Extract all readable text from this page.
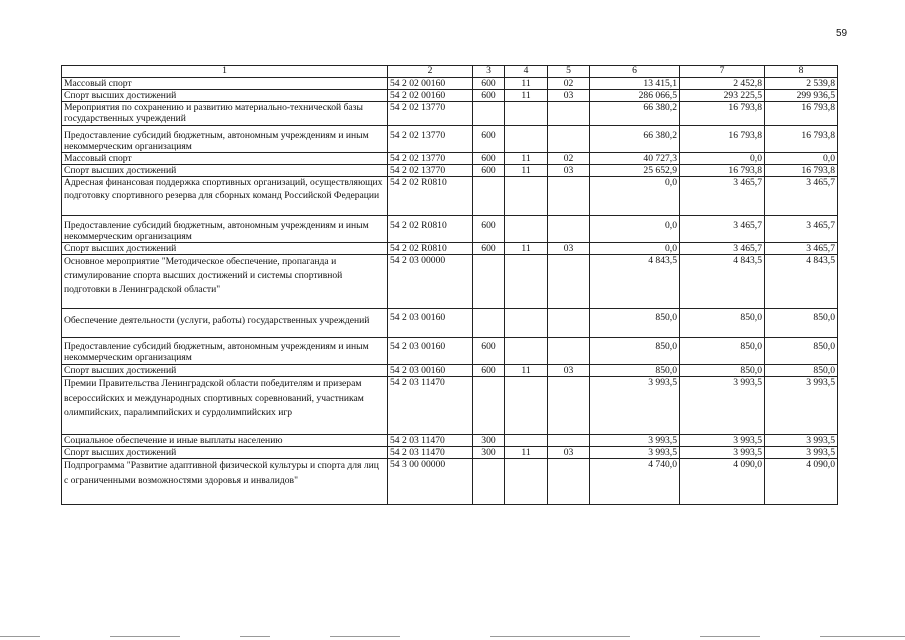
59
1	2	3	4	5	6	7	8
Массовый спорт	54 2 02 00160	600	11	02	13 415,1	2 452,8	2 539,8
Спорт высших достижений	54 2 02 00160	600	11	03	286 066,5	293 225,5	299 936,5
Мероприятия по сохранению и развитию материально-технической базы государственных учреждений	54 2 02 13770				66 380,2	16 793,8	16 793,8
Предоставление субсидий бюджетным, автономным учреждениям и иным некоммерческим организациям	54 2 02 13770	600			66 380,2	16 793,8	16 793,8
Массовый спорт	54 2 02 13770	600	11	02	40 727,3	0,0	0,0
Спорт высших достижений	54 2 02 13770	600	11	03	25 652,9	16 793,8	16 793,8
Адресная финансовая поддержка спортивных организаций, осуществляющих подготовку спортивного резерва для сборных команд Российской Федерации	54 2 02 R0810				0,0	3 465,7	3 465,7
Предоставление субсидий бюджетным, автономным учреждениям и иным некоммерческим организациям	54 2 02 R0810	600			0,0	3 465,7	3 465,7
Спорт высших достижений	54 2 02 R0810	600	11	03	0,0	3 465,7	3 465,7
Основное мероприятие "Методическое обеспечение, пропаганда и стимулирование спорта высших достижений и системы спортивной подготовки в Ленинградской области"	54 2 03 00000				4 843,5	4 843,5	4 843,5
Обеспечение деятельности (услуги, работы) государственных учреждений	54 2 03 00160				850,0	850,0	850,0
Предоставление субсидий бюджетным, автономным учреждениям и иным некоммерческим организациям	54 2 03 00160	600			850,0	850,0	850,0
Спорт высших достижений	54 2 03 00160	600	11	03	850,0	850,0	850,0
Премии Правительства Ленинградской области победителям и призерам всероссийских и международных спортивных соревнований, участникам олимпийских, паралимпийских и сурдолимпийских игр	54 2 03 11470				3 993,5	3 993,5	3 993,5
Социальное обеспечение и иные выплаты населению	54 2 03 11470	300			3 993,5	3 993,5	3 993,5
Спорт высших достижений	54 2 03 11470	300	11	03	3 993,5	3 993,5	3 993,5
Подпрограмма "Развитие адаптивной физической культуры и спорта для лиц с ограниченными возможностями здоровья и инвалидов"	54 3 00 00000				4 740,0	4 090,0	4 090,0
